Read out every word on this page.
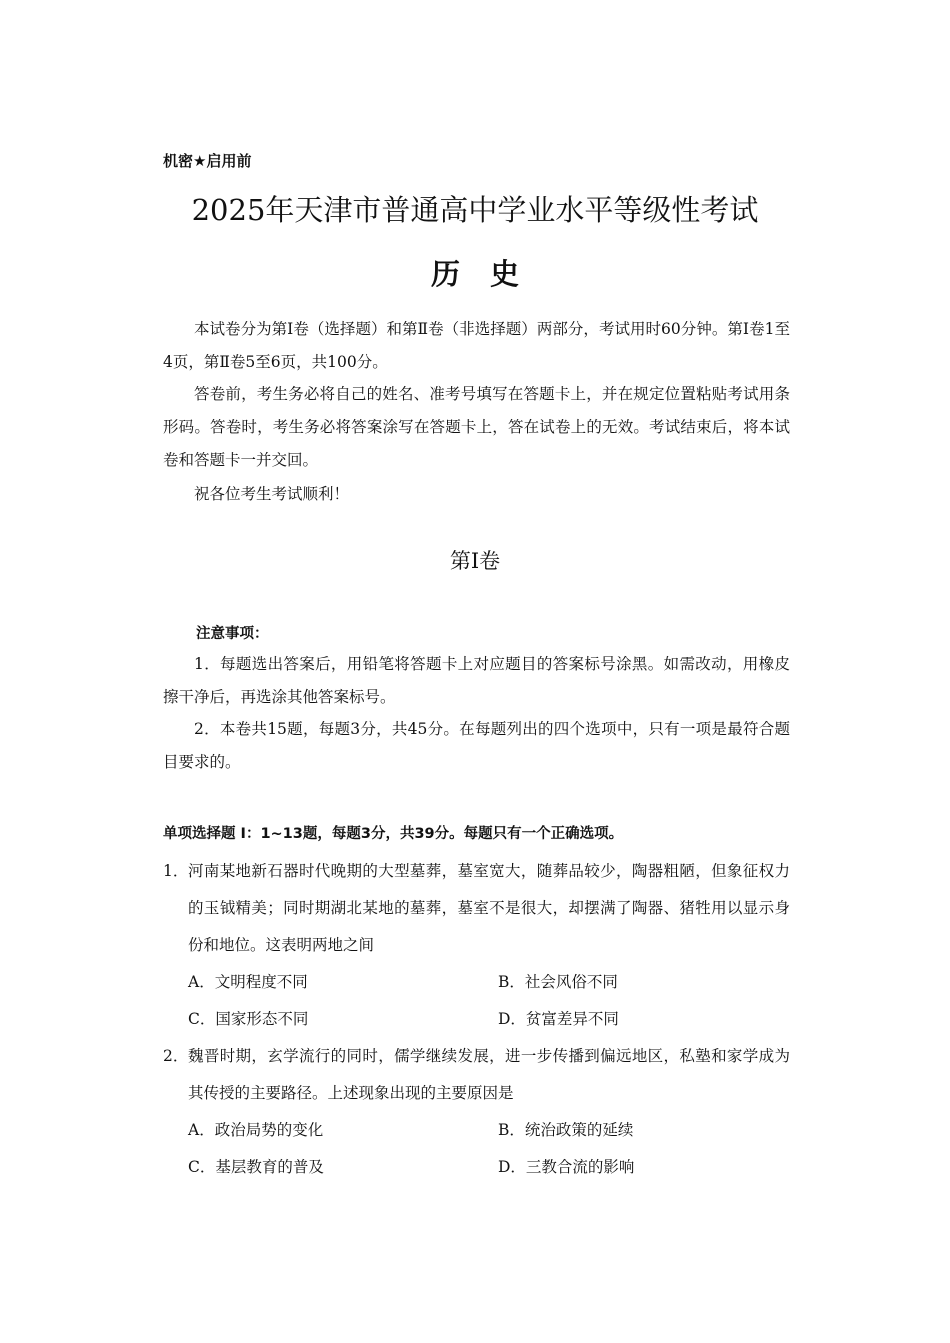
机密★启用前
2025年天津市普通高中学业水平等级性考试
历史
本试卷分为第Ⅰ卷（选择题）和第Ⅱ卷（非选择题）两部分，考试用时60分钟。第Ⅰ卷1至4页，第Ⅱ卷5至6页，共100分。
答卷前，考生务必将自己的姓名、准考号填写在答题卡上，并在规定位置粘贴考试用条形码。答卷时，考生务必将答案涂写在答题卡上，答在试卷上的无效。考试结束后，将本试卷和答题卡一并交回。
祝各位考生考试顺利！
第Ⅰ卷
注意事项：
1．每题选出答案后，用铅笔将答题卡上对应题目的答案标号涂黑。如需改动，用橡皮擦干净后，再选涂其他答案标号。
2．本卷共15题，每题3分，共45分。在每题列出的四个选项中，只有一项是最符合题目要求的。
单项选择题 Ⅰ：1~13题，每题3分，共39分。每题只有一个正确选项。
1． 河南某地新石器时代晚期的大型墓葬，墓室宽大，随葬品较少，陶器粗陋，但象征权力的玉钺精美；同时期湖北某地的墓葬，墓室不是很大，却摆满了陶器、猪牲用以显示身份和地位。这表明两地之间
A．文明程度不同	B．社会风俗不同
C．国家形态不同	D．贫富差异不同
2． 魏晋时期，玄学流行的同时，儒学继续发展，进一步传播到偏远地区，私塾和家学成为其传授的主要路径。上述现象出现的主要原因是
A．政治局势的变化	B．统治政策的延续
C．基层教育的普及	D．三教合流的影响
